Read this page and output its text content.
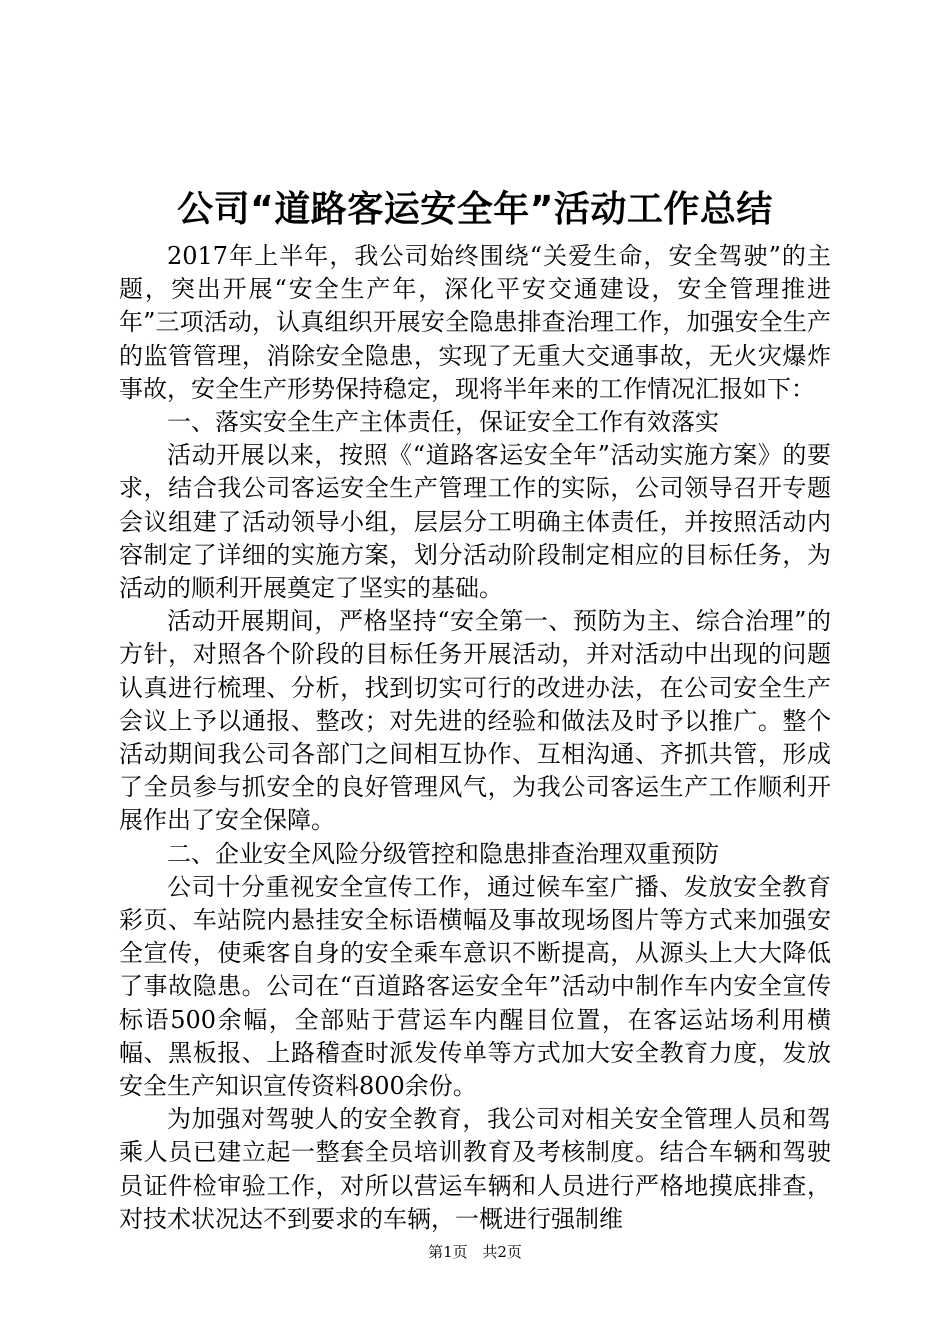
公司“道路客运安全年”活动工作总结

2017年上半年，我公司始终围绕“关爱生命，安全驾驶”的主题，突出开展“安全生产年，深化平安交通建设，安全管理推进年”三项活动，认真组织开展安全隐患排查治理工作，加强安全生产的监管管理，消除安全隐患，实现了无重大交通事故，无火灾爆炸事故，安全生产形势保持稳定，现将半年来的工作情况汇报如下：

一、落实安全生产主体责任，保证安全工作有效落实

活动开展以来，按照《“道路客运安全年”活动实施方案》的要求，结合我公司客运安全生产管理工作的实际，公司领导召开专题会议组建了活动领导小组，层层分工明确主体责任，并按照活动内容制定了详细的实施方案，划分活动阶段制定相应的目标任务，为活动的顺利开展奠定了坚实的基础。

活动开展期间，严格坚持“安全第一、预防为主、综合治理”的方针，对照各个阶段的目标任务开展活动，并对活动中出现的问题认真进行梳理、分析，找到切实可行的改进办法，在公司安全生产会议上予以通报、整改；对先进的经验和做法及时予以推广。整个活动期间我公司各部门之间相互协作、互相沟通、齐抓共管，形成了全员参与抓安全的良好管理风气，为我公司客运生产工作顺利开展作出了安全保障。

二、企业安全风险分级管控和隐患排查治理双重预防

公司十分重视安全宣传工作，通过候车室广播、发放安全教育彩页、车站院内悬挂安全标语横幅及事故现场图片等方式来加强安全宣传，使乘客自身的安全乘车意识不断提高，从源头上大大降低了事故隐患。公司在“百道路客运安全年”活动中制作车内安全宣传标语500余幅，全部贴于营运车内醒目位置，在客运站场利用横幅、黑板报、上路稽查时派发传单等方式加大安全教育力度，发放安全生产知识宣传资料800余份。

为加强对驾驶人的安全教育，我公司对相关安全管理人员和驾乘人员已建立起一整套全员培训教育及考核制度。结合车辆和驾驶员证件检审验工作，对所以营运车辆和人员进行严格地摸底排查，对技术状况达不到要求的车辆，一概进行强制维

第1页 共2页
